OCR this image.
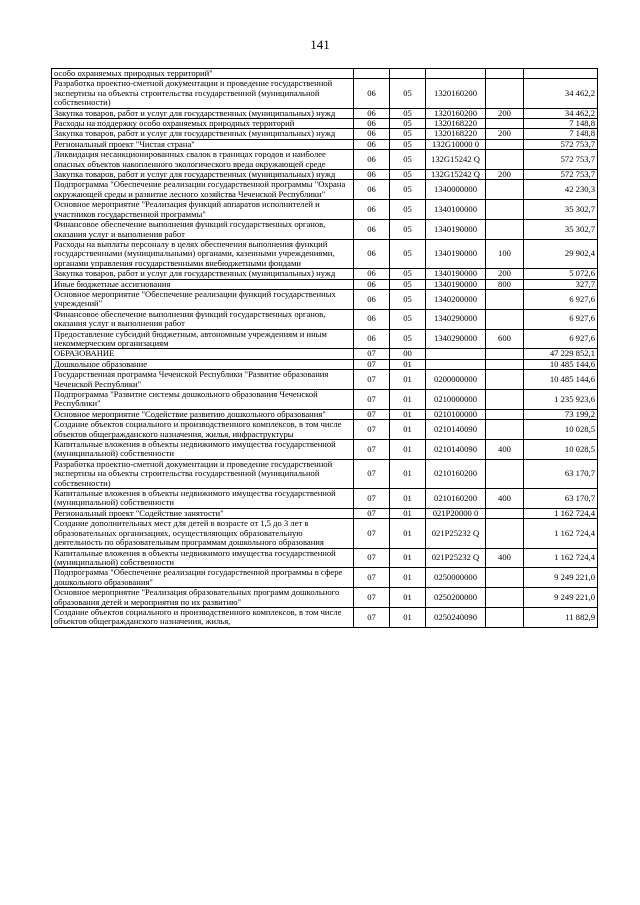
141
особо охраняемых природных территорий"					
Разработка проектно-сметной документации и проведение государственной экспертизы на объекты строительства государственной (муниципальной собственности)	06	05	1320160200		34 462,2
Закупка товаров, работ и услуг для государственных (муниципальных) нужд	06	05	1320160200	200	34 462,2
Расходы на поддержку особо охраняемых природных территорий	06	05	1320168220		7 148,8
Закупка товаров, работ и услуг для государственных (муниципальных) нужд	06	05	1320168220	200	7 148,8
Региональный проект "Чистая страна"	06	05	132G10000 0		572 753,7
Ликвидация несанкционированных свалок в границах городов и наиболее опасных объектов накопленного экологического вреда окружающей среде	06	05	132G15242 Q		572 753,7
Закупка товаров, работ и услуг для государственных (муниципальных) нужд	06	05	132G15242 Q	200	572 753,7
Подпрограмма "Обеспечение реализации государственной программы "Охрана окружающей среды и развитие лесного хозяйства Чеченской Республики"	06	05	1340000000		42 230,3
Основное мероприятие "Реализация функций аппаратов исполнителей и участников государственной программы"	06	05	1340100000		35 302,7
Финансовое обеспечение выполнения функций государственных органов, оказания услуг и выполнения работ	06	05	1340190000		35 302,7
Расходы на выплаты персоналу в целях обеспечения выполнения функций государственными (муниципальными) органами, казенными учреждениями, органами управления государственными внебюджетными фондами	06	05	1340190000	100	29 902,4
Закупка товаров, работ и услуг для государственных (муниципальных) нужд	06	05	1340190000	200	5 072,6
Иные бюджетные ассигнования	06	05	1340190000	800	327,7
Основное мероприятие "Обеспечение реализации функций государственных учреждений"	06	05	1340200000		6 927,6
Финансовое обеспечение выполнения функций государственных органов, оказания услуг и выполнения работ	06	05	1340290000		6 927,6
Предоставление субсидий бюджетным, автономным учреждениям и иным некоммерческим организациям	06	05	1340290000	600	6 927,6
ОБРАЗОВАНИЕ	07	00			47 229 852,1
Дошкольное образование	07	01			10 485 144,6
Государственная программа Чеченской Республики "Развитие образования Чеченской Республики"	07	01	0200000000		10 485 144,6
Подпрограмма "Развитие системы дошкольного образования Чеченской Республики"	07	01	0210000000		1 235 923,6
Основное мероприятие "Содействие развитию дошкольного образования"	07	01	0210100000		73 199,2
Создание объектов социального и производственного комплексов, в том числе объектов общегражданского назначения, жилья, инфраструктуры	07	01	0210140090		10 028,5
Капитальные вложения в объекты недвижимого имущества государственной (муниципальной) собственности	07	01	0210140090	400	10 028,5
Разработка проектно-сметной документации и проведение государственной экспертизы на объекты строительства государственной (муниципальной собственности)	07	01	0210160200		63 170,7
Капитальные вложения в объекты недвижимого имущества государственной (муниципальной) собственности	07	01	0210160200	400	63 170,7
Региональный проект "Содействие занятости"	07	01	021P20000 0		1 162 724,4
Создание дополнительных мест для детей в возрасте от 1,5 до 3 лет в образовательных организациях, осуществляющих образовательную деятельность по образовательным программам дошкольного образования	07	01	021P25232 Q		1 162 724,4
Капитальные вложения в объекты недвижимого имущества государственной (муниципальной) собственности	07	01	021P25232 Q	400	1 162 724,4
Подпрограмма "Обеспечение реализации государственной программы в сфере дошкольного образования"	07	01	0250000000		9 249 221,0
Основное мероприятие "Реализация образовательных программ дошкольного образования детей и мероприятия по их развитию"	07	01	0250200000		9 249 221,0
Создание объектов социального и производственного комплексов, в том числе объектов общегражданского назначения, жилья,	07	01	0250240090		11 882,9
